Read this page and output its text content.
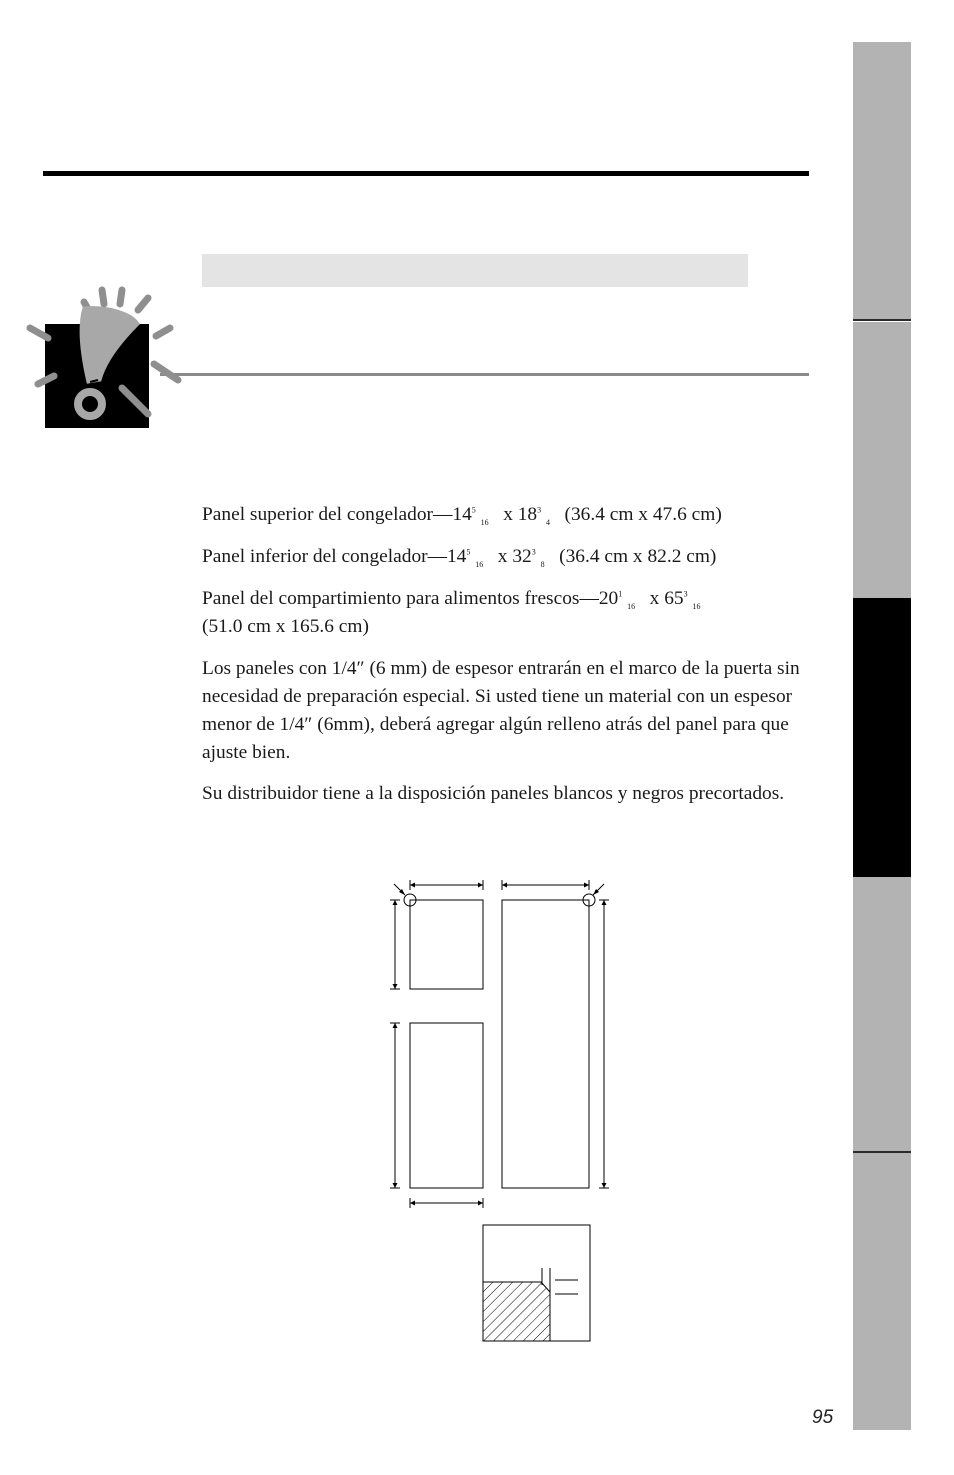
Panel superior del $congelador—14^5$ $_{16}$ x $18^3$ $_4$ (36.4 cm x 47.6 cm)

Panel inferior del $congelador—14^5$ $_{16}$ x $32^3$ $_8$ (36.4 cm x 82.2 cm)

Panel del compartimiento para alimentos $frescos—20^1$ $_{16}$ x $65^3$ $_{16}$
(51.0 cm x 165.6 cm)

Los paneles con 1/4″ (6 mm) de espesor entrarán en el marco de la puerta sin necesidad de preparación especial. Si usted tiene un material con un espesor menor de 1/4″ (6mm), deberá agregar algún relleno atrás del panel para que ajuste bien.

Su distribuidor tiene a la disposición paneles blancos y negros precortados.

95
